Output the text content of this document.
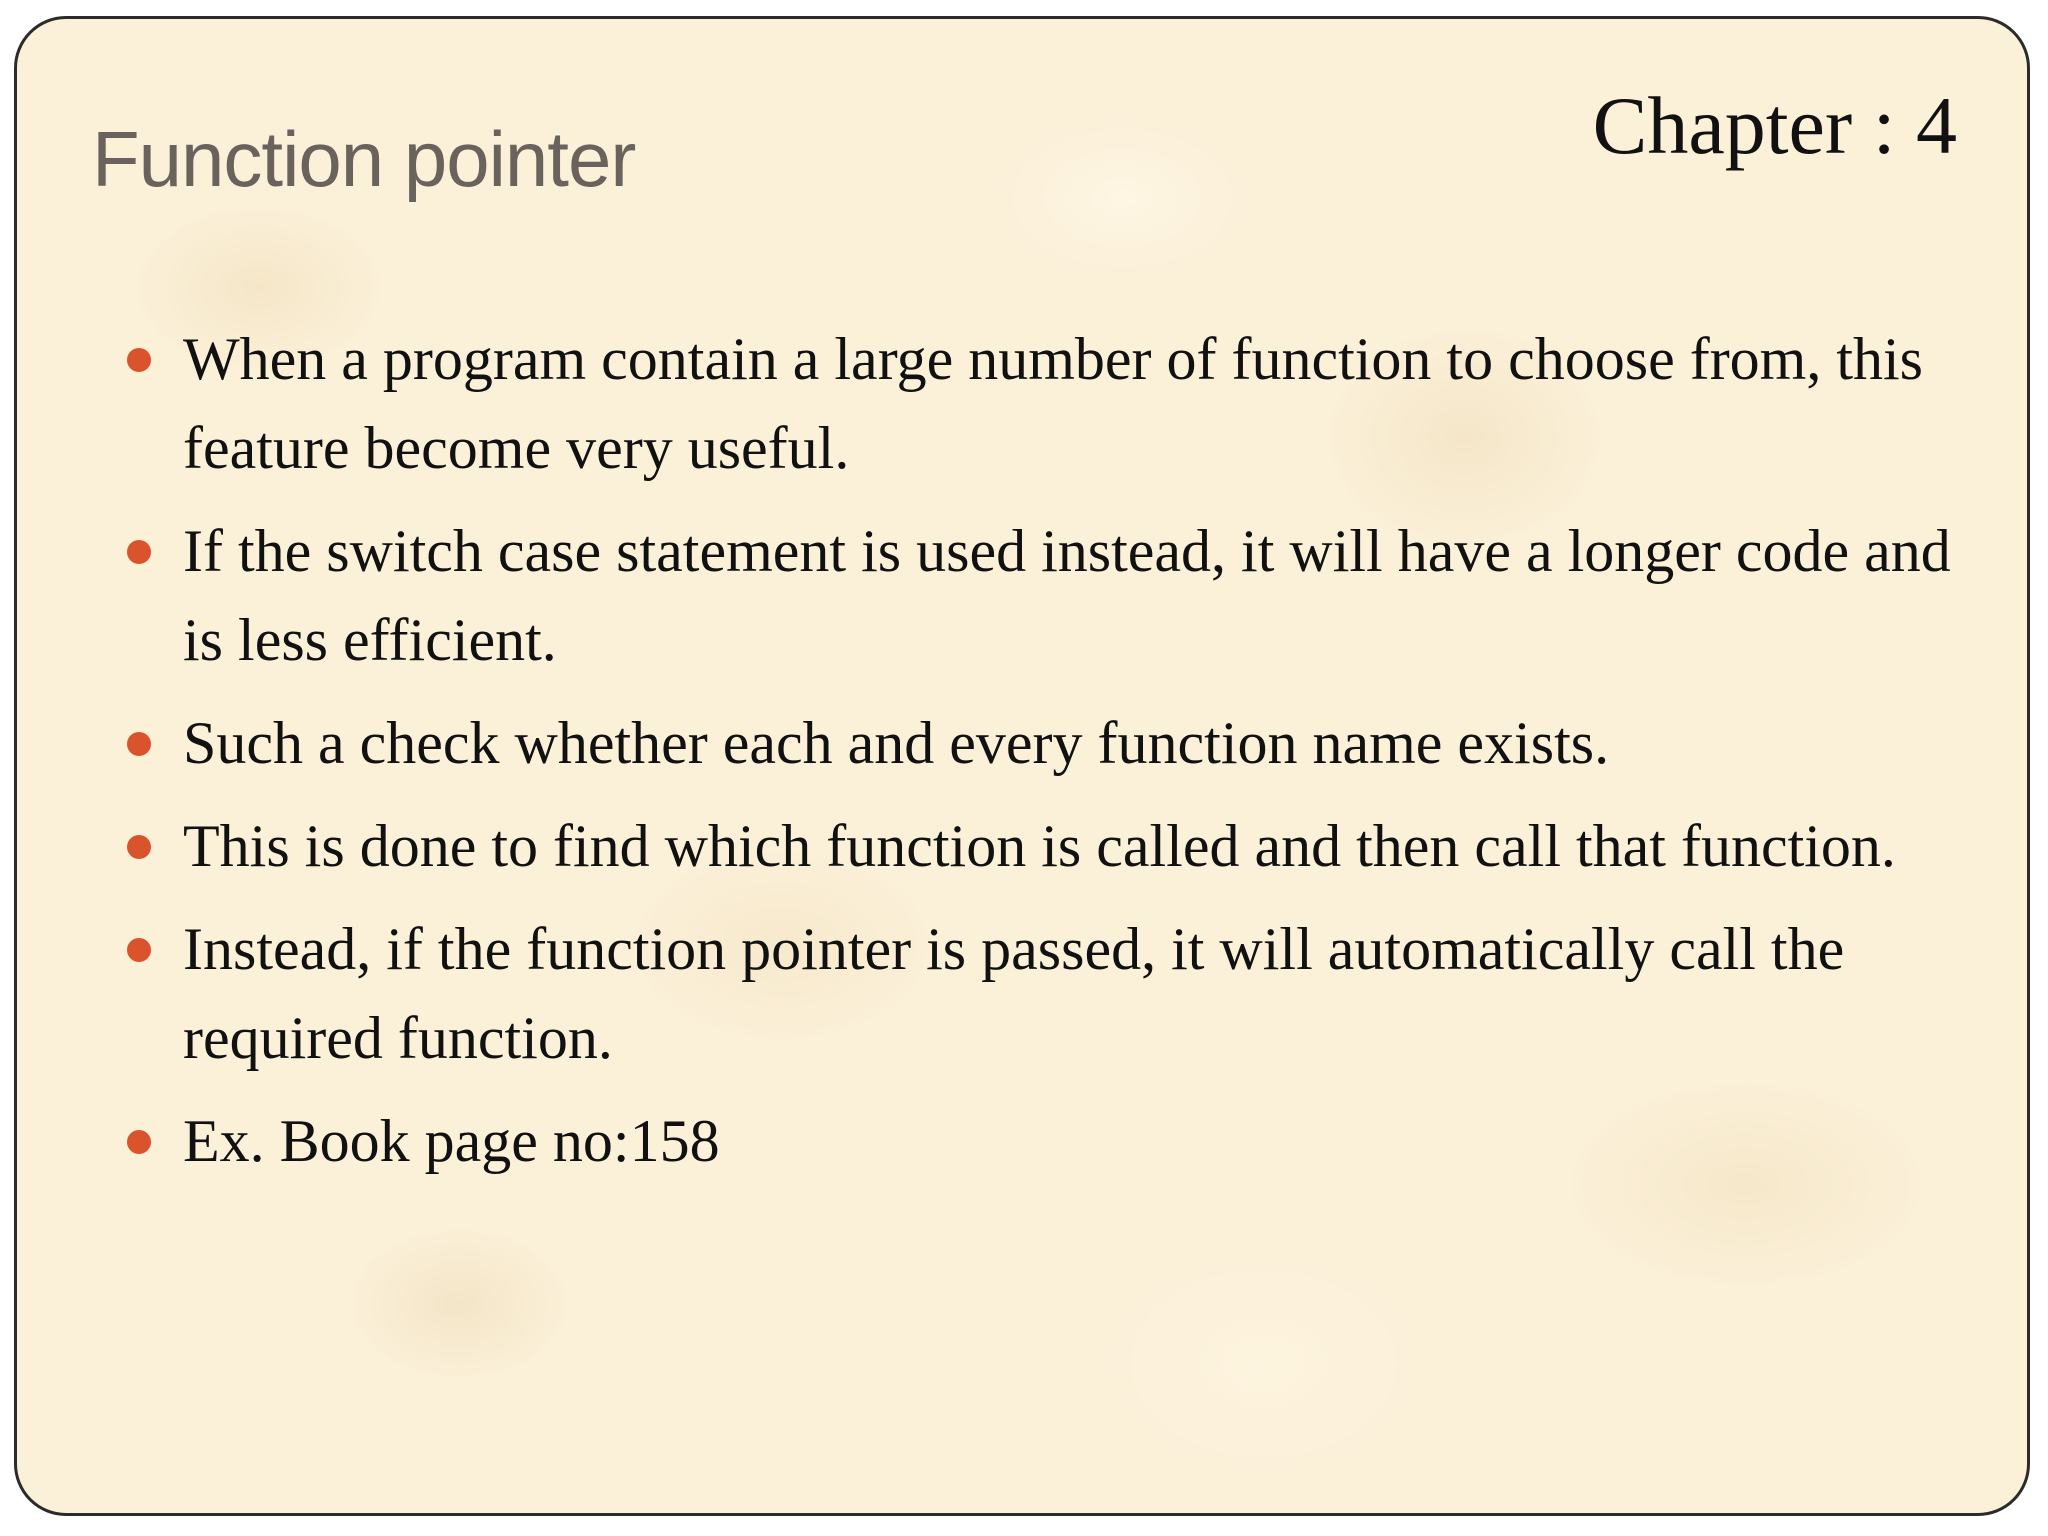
Function pointer	Chapter : 4
When a program contain a large number of function to choose from, this feature become very useful.
If the switch case statement is used instead, it will have a longer code and is less efficient.
Such a check whether each and every function name exists.
This is done to find which function is called and then call that function.
Instead, if the function pointer is passed, it will automatically call the required function.
Ex. Book page no:158
